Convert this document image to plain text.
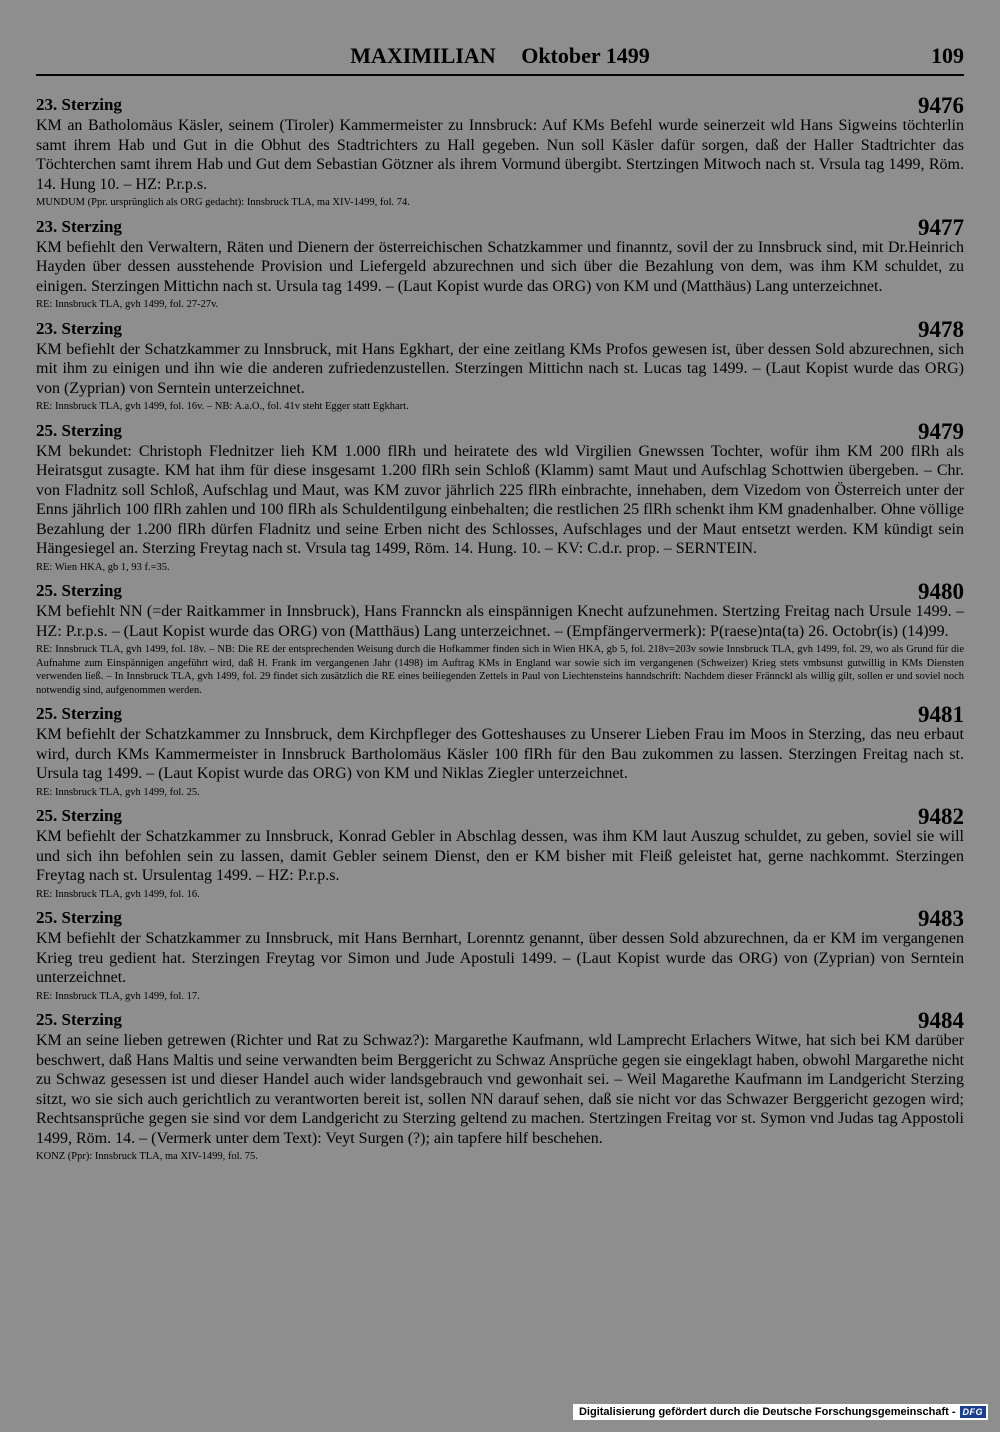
MAXIMILIAN Oktober 1499	109
23. Sterzing	9476

KM an Batholomäus Käsler, seinem (Tiroler) Kammermeister zu Innsbruck: Auf KMs Befehl wurde seinerzeit wld Hans Sigweins töchterlin samt ihrem Hab und Gut in die Obhut des Stadtrichters zu Hall gegeben. Nun soll Käsler dafür sorgen, daß der Haller Stadtrichter das Töchterchen samt ihrem Hab und Gut dem Sebastian Götzner als ihrem Vormund übergibt. Stertzingen Mitwoch nach st. Vrsula tag 1499, Röm. 14. Hung 10. – HZ: P.r.p.s.

MUNDUM (Ppr. ursprünglich als ORG gedacht): Innsbruck TLA, ma XIV-1499, fol. 74.

23. Sterzing	9477

KM befiehlt den Verwaltern, Räten und Dienern der österreichischen Schatzkammer und finanntz, sovil der zu Innsbruck sind, mit Dr.Heinrich Hayden über dessen ausstehende Provision und Liefergeld abzurechnen und sich über die Bezahlung von dem, was ihm KM schuldet, zu einigen. Sterzingen Mittichn nach st. Ursula tag 1499. – (Laut Kopist wurde das ORG) von KM und (Matthäus) Lang unterzeichnet.

RE: Innsbruck TLA, gvh 1499, fol. 27-27v.

23. Sterzing	9478

KM befiehlt der Schatzkammer zu Innsbruck, mit Hans Egkhart, der eine zeitlang KMs Profos gewesen ist, über dessen Sold abzurechnen, sich mit ihm zu einigen und ihn wie die anderen zufriedenzustellen. Sterzingen Mittichn nach st. Lucas tag 1499. – (Laut Kopist wurde das ORG) von (Zyprian) von Serntein unterzeichnet.

RE: Innsbruck TLA, gvh 1499, fol. 16v. – NB: A.a.O., fol. 41v steht Egger statt Egkhart.

25. Sterzing	9479

KM bekundet: Christoph Flednitzer lieh KM 1.000 flRh und heiratete des wld Virgilien Gnewssen Tochter, wofür ihm KM 200 flRh als Heiratsgut zusagte. KM hat ihm für diese insgesamt 1.200 flRh sein Schloß (Klamm) samt Maut und Aufschlag Schottwien übergeben. – Chr. von Fladnitz soll Schloß, Aufschlag und Maut, was KM zuvor jährlich 225 flRh einbrachte, innehaben, dem Vizedom von Österreich unter der Enns jährlich 100 flRh zahlen und 100 flRh als Schuldentilgung einbehalten; die restlichen 25 flRh schenkt ihm KM gnadenhalber. Ohne völlige Bezahlung der 1.200 flRh dürfen Fladnitz und seine Erben nicht des Schlosses, Aufschlages und der Maut entsetzt werden. KM kündigt sein Hängesiegel an. Sterzing Freytag nach st. Vrsula tag 1499, Röm. 14. Hung. 10. – KV: C.d.r. prop. – SERNTEIN.

RE: Wien HKA, gb 1, 93 f.=35.

25. Sterzing	9480

KM befiehlt NN (=der Raitkammer in Innsbruck), Hans Frannckn als einspännigen Knecht aufzunehmen. Stertzing Freitag nach Ursule 1499. – HZ: P.r.p.s. – (Laut Kopist wurde das ORG) von (Matthäus) Lang unterzeichnet. – (Empfängervermerk): P(raese)nta(ta) 26. Octobr(is) (14)99.

RE: Innsbruck TLA, gvh 1499, fol. 18v. – NB: Die RE der entsprechenden Weisung durch die Hofkammer finden sich in Wien HKA, gb 5, fol. 218v=203v sowie Innsbruck TLA, gvh 1499, fol. 29, wo als Grund für die Aufnahme zum Einspännigen angeführt wird, daß H. Frank im vergangenen Jahr (1498) im Auftrag KMs in England war sowie sich im vergangenen (Schweizer) Krieg stets vmbsunst gutwillig in KMs Diensten verwenden ließ. – In Innsbruck TLA, gvh 1499, fol. 29 findet sich zusätzlich die RE eines beiliegenden Zettels in Paul von Liechtensteins hanndschrift: Nachdem dieser Frännckl als willig gilt, sollen er und soviel noch notwendig sind, aufgenommen werden.

25. Sterzing	9481

KM befiehlt der Schatzkammer zu Innsbruck, dem Kirchpfleger des Gotteshauses zu Unserer Lieben Frau im Moos in Sterzing, das neu erbaut wird, durch KMs Kammermeister in Innsbruck Bartholomäus Käsler 100 flRh für den Bau zukommen zu lassen. Sterzingen Freitag nach st. Ursula tag 1499. – (Laut Kopist wurde das ORG) von KM und Niklas Ziegler unterzeichnet.

RE: Innsbruck TLA, gvh 1499, fol. 25.

25. Sterzing	9482

KM befiehlt der Schatzkammer zu Innsbruck, Konrad Gebler in Abschlag dessen, was ihm KM laut Auszug schuldet, zu geben, soviel sie will und sich ihn befohlen sein zu lassen, damit Gebler seinem Dienst, den er KM bisher mit Fleiß geleistet hat, gerne nachkommt. Sterzingen Freytag nach st. Ursulentag 1499. – HZ: P.r.p.s.

RE: Innsbruck TLA, gvh 1499, fol. 16.

25. Sterzing	9483

KM befiehlt der Schatzkammer zu Innsbruck, mit Hans Bernhart, Lorenntz genannt, über dessen Sold abzurechnen, da er KM im vergangenen Krieg treu gedient hat. Sterzingen Freytag vor Simon und Jude Apostuli 1499. – (Laut Kopist wurde das ORG) von (Zyprian) von Serntein unterzeichnet.

RE: Innsbruck TLA, gvh 1499, fol. 17.

25. Sterzing	9484

KM an seine lieben getrewen (Richter und Rat zu Schwaz?): Margarethe Kaufmann, wld Lamprecht Erlachers Witwe, hat sich bei KM darüber beschwert, daß Hans Maltis und seine verwandten beim Berggericht zu Schwaz Ansprüche gegen sie eingeklagt haben, obwohl Margarethe nicht zu Schwaz gesessen ist und dieser Handel auch wider landsgebrauch vnd gewonhait sei. – Weil Magarethe Kaufmann im Landgericht Sterzing sitzt, wo sie sich auch gerichtlich zu verantworten bereit ist, sollen NN darauf sehen, daß sie nicht vor das Schwazer Berggericht gezogen wird; Rechtsansprüche gegen sie sind vor dem Landgericht zu Sterzing geltend zu machen. Stertzingen Freitag vor st. Symon vnd Judas tag Appostoli 1499, Röm. 14. – (Vermerk unter dem Text): Veyt Surgen (?); ain tapfere hilf beschehen.

KONZ (Ppr): Innsbruck TLA, ma XIV-1499, fol. 75.

Digitalisierung gefördert durch die Deutsche Forschungsgemeinschaft - DFG
